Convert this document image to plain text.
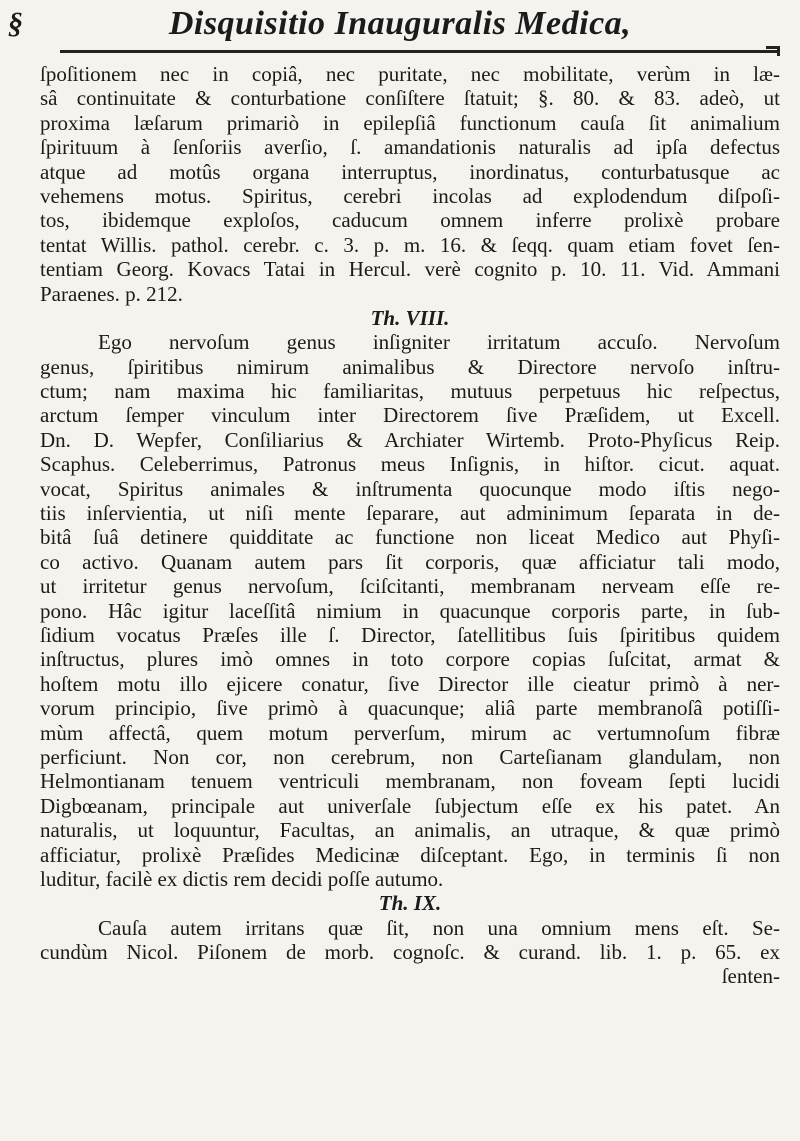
§	Disquisitio Inauguralis Medica,
ſpoſitionem nec in copiâ, nec puritate, nec mobilitate, verùm in læ-
sâ continuitate & conturbatione conſiſtere ſtatuit; §. 80. & 83. adeò, ut
proxima læſarum primariò in epilepſiâ functionum cauſa ſit animalium
ſpirituum à ſenſoriis averſio, ſ. amandationis naturalis ad ipſa defectus
atque ad motûs organa interruptus, inordinatus, conturbatusque ac
vehemens motus. Spiritus, cerebri incolas ad explodendum diſpoſi-
tos, ibidemque exploſos, caducum omnem inferre prolixè probare
tentat Willis. pathol. cerebr. c. 3. p. m. 16. & ſeqq. quam etiam fovet ſen-
tentiam Georg. Kovacs Tatai in Hercul. verè cognito p. 10. 11. Vid. Ammani
Paraenes. p. 212.
Th. VIII.
Ego nervoſum genus inſigniter irritatum accuſo. Nervoſum
genus, ſpiritibus nimirum animalibus & Directore nervoſo inſtru-
ctum; nam maxima hic familiaritas, mutuus perpetuus hic reſpectus,
arctum ſemper vinculum inter Directorem ſive Præſidem, ut Excell.
Dn. D. Wepfer, Conſiliarius & Archiater Wirtemb. Proto-Phyſicus Reip.
Scaphus. Celeberrimus, Patronus meus Inſignis, in hiſtor. cicut. aquat.
vocat, Spiritus animales & inſtrumenta quocunque modo iſtis nego-
tiis inſervientia, ut niſi mente ſeparare, aut adminimum ſeparata in de-
bitâ ſuâ detinere quidditate ac functione non liceat Medico aut Phyſi-
co activo. Quanam autem pars ſit corporis, quæ afficiatur tali modo,
ut irritetur genus nervoſum, ſciſcitanti, membranam nerveam eſſe re-
pono. Hâc igitur laceſſitâ nimium in quacunque corporis parte, in ſub-
ſidium vocatus Præſes ille ſ. Director, ſatellitibus ſuis ſpiritibus quidem
inſtructus, plures imò omnes in toto corpore copias ſuſcitat, armat &
hoſtem motu illo ejicere conatur, ſive Director ille cieatur primò à ner-
vorum principio, ſive primò à quacunque; aliâ parte membranoſâ potiſſi-
mùm affectâ, quem motum perverſum, mirum ac vertumnoſum fibræ
perficiunt. Non cor, non cerebrum, non Carteſianam glandulam, non
Helmontianam tenuem ventriculi membranam, non foveam ſepti lucidi
Digbœanam, principale aut univerſale ſubjectum eſſe ex his patet. An
naturalis, ut loquuntur, Facultas, an animalis, an utraque, & quæ primò
afficiatur, prolixè Præſides Medicinæ diſceptant. Ego, in terminis ſi non
luditur, facilè ex dictis rem decidi poſſe autumo.
Th. IX.
Cauſa autem irritans quæ ſit, non una omnium mens eſt. Se-
cundùm Nicol. Piſonem de morb. cognoſc. & curand. lib. 1. p. 65. ex
ſenten-
